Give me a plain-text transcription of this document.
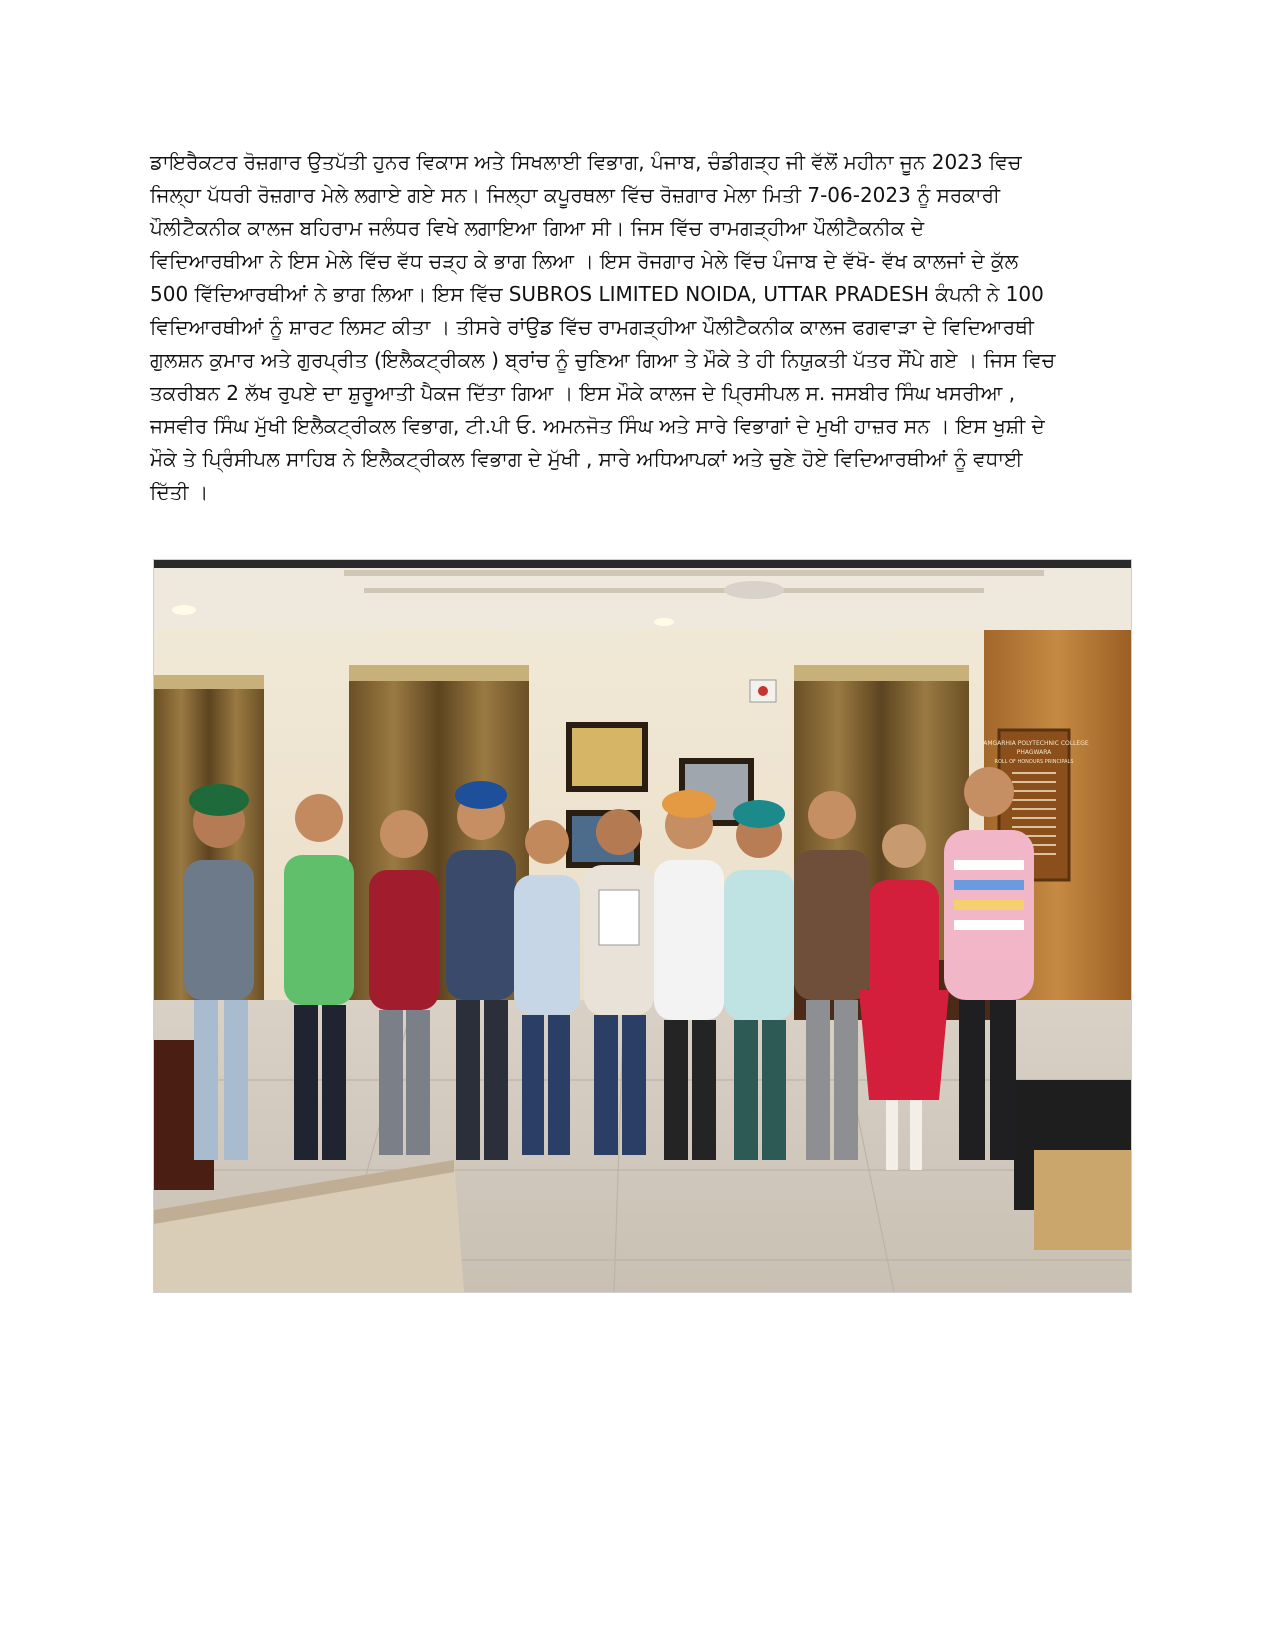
ਡਾਇਰੈਕਟਰ ਰੋਜ਼ਗਾਰ ਉਤਪੱਤੀ ਹੁਨਰ ਵਿਕਾਸ ਅਤੇ ਸਿਖਲਾਈ ਵਿਭਾਗ, ਪੰਜਾਬ, ਚੰਡੀਗੜ੍ਹ ਜੀ ਵੱਲੋਂ ਮਹੀਨਾ ਜੂਨ 2023 ਵਿਚ
ਜਿਲ੍ਹਾ ਪੱਧਰੀ ਰੋਜ਼ਗਾਰ ਮੇਲੇ ਲਗਾਏ ਗਏ ਸਨ। ਜਿਲ੍ਹਾ ਕਪੂਰਥਲਾ ਵਿੱਚ ਰੋਜ਼ਗਾਰ ਮੇਲਾ ਮਿਤੀ 7-06-2023 ਨੂੰ ਸਰਕਾਰੀ
ਪੌਲੀਟੈਕਨੀਕ ਕਾਲਜ ਬਹਿਰਾਮ ਜਲੰਧਰ ਵਿਖੇ ਲਗਾਇਆ ਗਿਆ ਸੀ। ਜਿਸ ਵਿੱਚ ਰਾਮਗੜ੍ਹੀਆ ਪੌਲੀਟੈਕਨੀਕ ਦੇ
ਵਿਦਿਆਰਥੀਆ ਨੇ ਇਸ ਮੇਲੇ ਵਿੱਚ ਵੱਧ ਚੜ੍ਹ ਕੇ ਭਾਗ ਲਿਆ । ਇਸ ਰੋਜਗਾਰ ਮੇਲੇ ਵਿੱਚ ਪੰਜਾਬ ਦੇ ਵੱਖੋ- ਵੱਖ ਕਾਲਜਾਂ ਦੇ ਕੁੱਲ
500 ਵਿੱਦਿਆਰਥੀਆਂ ਨੇ ਭਾਗ ਲਿਆ। ਇਸ ਵਿੱਚ SUBROS LIMITED NOIDA, UTTAR PRADESH ਕੰਪਨੀ ਨੇ 100
ਵਿਦਿਆਰਥੀਆਂ ਨੂੰ ਸ਼ਾਰਟ ਲਿਸਟ ਕੀਤਾ । ਤੀਸਰੇ ਰਾਂਉਡ ਵਿੱਚ ਰਾਮਗੜ੍ਹੀਆ ਪੌਲੀਟੈਕਨੀਕ ਕਾਲਜ ਫਗਵਾੜਾ ਦੇ ਵਿਦਿਆਰਥੀ
ਗੁਲਸ਼ਨ ਕੁਮਾਰ ਅਤੇ ਗੁਰਪ੍ਰੀਤ (ਇਲੈਕਟ੍ਰੀਕਲ ) ਬ੍ਰਾਂਚ ਨੂੰ ਚੁਣਿਆ ਗਿਆ ਤੇ ਮੌਕੇ ਤੇ ਹੀ ਨਿਯੁਕਤੀ ਪੱਤਰ ਸੌਂਪੇ ਗਏ । ਜਿਸ ਵਿਚ
ਤਕਰੀਬਨ 2 ਲੱਖ ਰੁਪਏ ਦਾ ਸ਼ੁਰੂਆਤੀ ਪੈਕਜ ਦਿੱਤਾ ਗਿਆ । ਇਸ ਮੌਕੇ ਕਾਲਜ ਦੇ ਪ੍ਰਿਸੀਪਲ ਸ. ਜਸਬੀਰ ਸਿੰਘ ਖਸਰੀਆ ,
ਜਸਵੀਰ ਸਿੰਘ ਮੁੱਖੀ ਇਲੈਕਟ੍ਰੀਕਲ ਵਿਭਾਗ, ਟੀ.ਪੀ ਓ. ਅਮਨਜੋਤ ਸਿੰਘ ਅਤੇ ਸਾਰੇ ਵਿਭਾਗਾਂ ਦੇ ਮੁਖੀ ਹਾਜ਼ਰ ਸਨ । ਇਸ ਖੁਸ਼ੀ ਦੇ
ਮੌਕੇ ਤੇ ਪ੍ਰਿੰਸੀਪਲ ਸਾਹਿਬ ਨੇ ਇਲੈਕਟ੍ਰੀਕਲ ਵਿਭਾਗ ਦੇ ਮੁੱਖੀ , ਸਾਰੇ ਅਧਿਆਪਕਾਂ ਅਤੇ ਚੁਣੇ ਹੋਏ ਵਿਦਿਆਰਥੀਆਂ ਨੂੰ ਵਧਾਈ
ਦਿੱਤੀ ।
RAMGARHIA POLYTECHNIC COLLEGE
PHAGWARA
ROLL OF HONOURS PRINCIPALS
